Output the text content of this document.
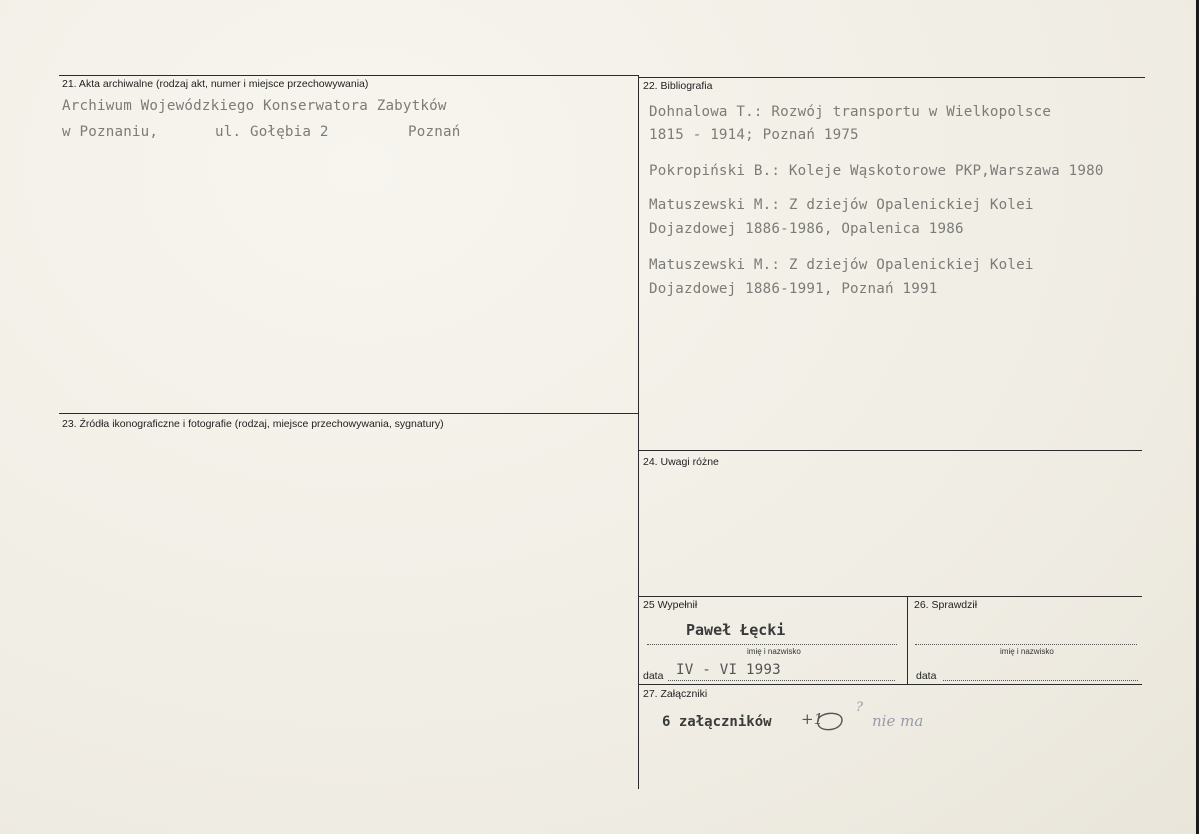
21. Akta archiwalne (rodzaj akt, numer i miejsce przechowywania)
Archiwum Wojewódzkiego Konserwatora Zabytków
w Poznaniu,	ul. Gołębia 2	Poznań
22. Bibliografia
Dohnalowa T.: Rozwój transportu w Wielkopolsce
1815 - 1914; Poznań 1975
Pokropiński B.: Koleje Wąskotorowe PKP,Warszawa 1980
Matuszewski M.: Z dziejów Opalenickiej Kolei
Dojazdowej 1886-1986, Opalenica 1986
Matuszewski M.: Z dziejów Opalenickiej Kolei
Dojazdowej 1886-1991, Poznań 1991
23. Źródła ikonograficzne i fotografie (rodzaj, miejsce przechowywania, sygnatury)
24. Uwagi różne
25 Wypełnił
Paweł Łęcki
imię i nazwisko
data IV - VI 1993
26. Sprawdził
imię i nazwisko
data
27. Załączniki
6 załączników +1
?
nie ma
